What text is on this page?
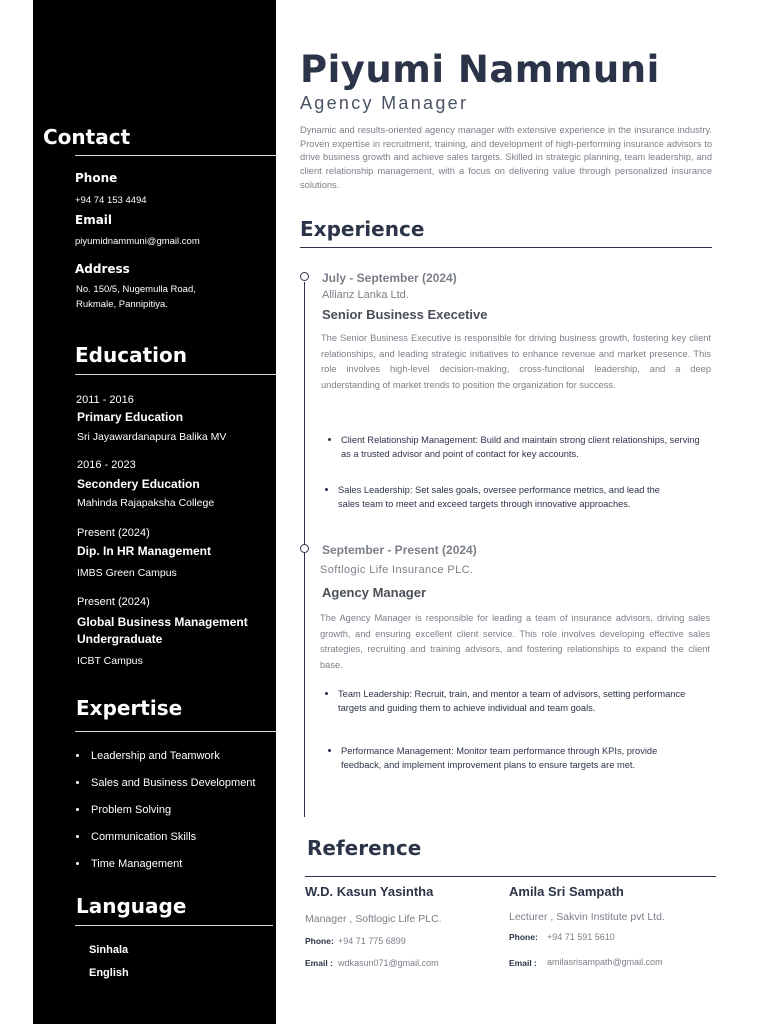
Contact
Phone
+94 74 153 4494
Email
piyumidnammuni@gmail.com
Address
No. 150/5, Nugemulla Road,
Rukmale, Pannipitiya.
Education
2011 - 2016
Primary Education
Sri Jayawardanapura Balika MV
2016 - 2023
Secondery Education
Mahinda Rajapaksha College
Present (2024)
Dip. In HR Management
IMBS Green Campus
Present (2024)
Global Business Management Undergraduate
ICBT Campus
Expertise
Leadership and Teamwork
Sales and Business Development
Problem Solving
Communication Skills
Time Management
Language
Sinhala
English
Piyumi Nammuni
Agency Manager
Dynamic and results-oriented agency manager with extensive experience in the insurance industry. Proven expertise in recruitment, training, and development of high-performing insurance advisors to drive business growth and achieve sales targets. Skilled in strategic planning, team leadership, and client relationship management, with a focus on delivering value through personalized insurance solutions.
Experience
July - September (2024)
Allianz Lanka Ltd.
Senior Business Execetive
The Senior Business Executive is responsible for driving business growth, fostering key client relationships, and leading strategic initiatives to enhance revenue and market presence. This role involves high-level decision-making, cross-functional leadership, and a deep understanding of market trends to position the organization for success.
Client Relationship Management: Build and maintain strong client relationships, serving as a trusted advisor and point of contact for key accounts.
Sales Leadership: Set sales goals, oversee performance metrics, and lead the sales team to meet and exceed targets through innovative approaches.
September - Present (2024)
Softlogic Life Insurance PLC.
Agency Manager
The Agency Manager is responsible for leading a team of insurance advisors, driving sales growth, and ensuring excellent client service. This role involves developing effective sales strategies, recruiting and training advisors, and fostering relationships to expand the client base.
Team Leadership: Recruit, train, and mentor a team of advisors, setting performance targets and guiding them to achieve individual and team goals.
Performance Management: Monitor team performance through KPIs, provide feedback, and implement improvement plans to ensure targets are met.
Reference
W.D. Kasun Yasintha
Manager , Softlogic Life PLC.
Phone: +94 71 775 6899
Email : wdkasun071@gmail.com
Amila Sri Sampath
Lecturer , Sakvin Institute pvt Ltd.
Phone: +94 71 591 5610
Email : amilasrisampath@gmail.com
